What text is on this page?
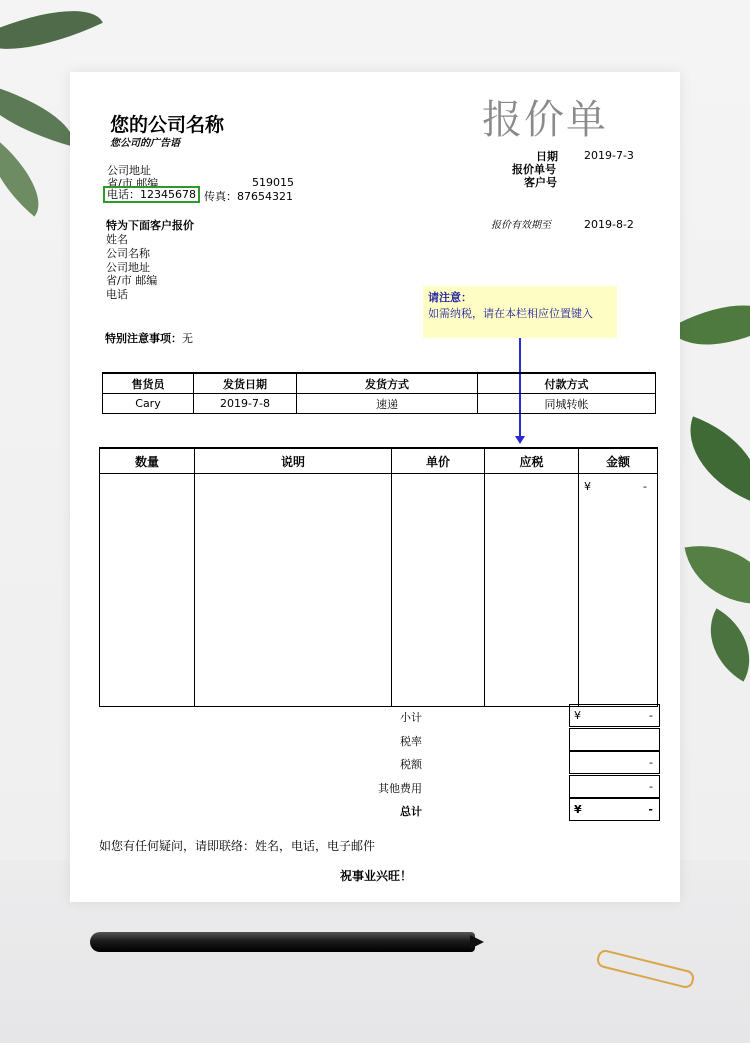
报价单
您的公司名称
您公司的广告语
公司地址
省/市 邮编	519015
电话：12345678 传真：87654321
日期 2019-7-3
报价单号
客户号
报价有效期至	2019-8-2
特为下面客户报价
姓名
公司名称
公司地址
省/市 邮编
电话	请注意：
如需纳税，请在本栏相应位置键入
特别注意事项：无
售货员	发货日期	发货方式	付款方式
Cary	2019-7-8	速递	同城转帐
数量	说明	单价	应税	金额

				¥ -
小计	¥	-
税率
税额	-
其他费用	-
总计	¥	-
如您有任何疑问，请即联络：姓名，电话，电子邮件
祝事业兴旺！
